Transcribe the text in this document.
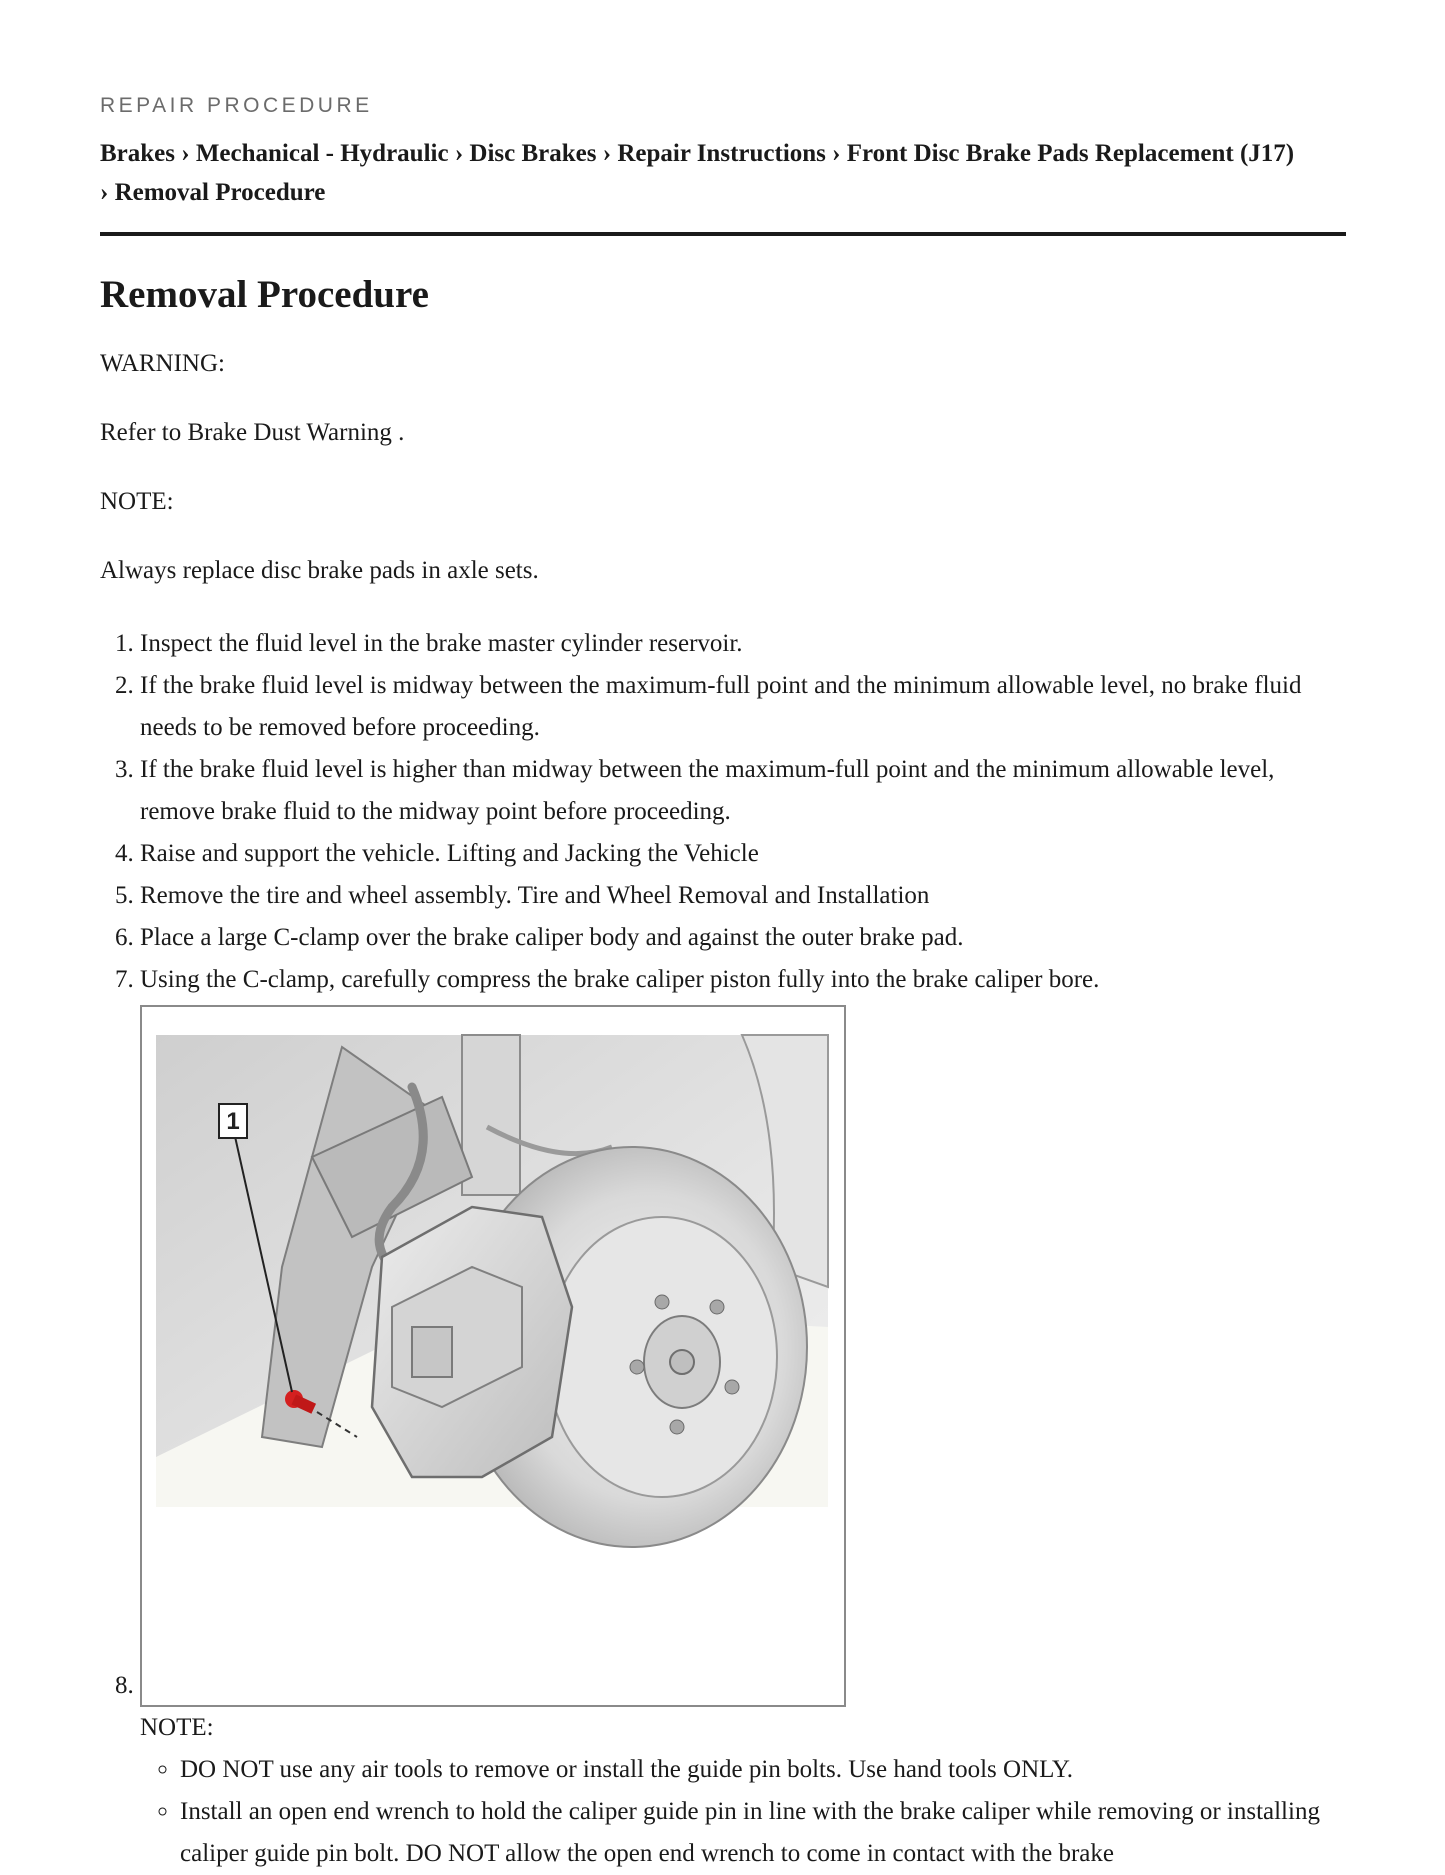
REPAIR PROCEDURE
Brakes › Mechanical - Hydraulic › Disc Brakes › Repair Instructions › Front Disc Brake Pads Replacement (J17)
› Removal Procedure
Removal Procedure

WARNING:

Refer to Brake Dust Warning .

NOTE:

Always replace disc brake pads in axle sets.

1. Inspect the fluid level in the brake master cylinder reservoir.
2. If the brake fluid level is midway between the maximum-full point and the minimum allowable level, no brake fluid needs to be removed before proceeding.
3. If the brake fluid level is higher than midway between the maximum-full point and the minimum allowable level, remove brake fluid to the midway point before proceeding.
4. Raise and support the vehicle. Lifting and Jacking the Vehicle
5. Remove the tire and wheel assembly. Tire and Wheel Removal and Installation
6. Place a large C-clamp over the brake caliper body and against the outer brake pad.
7. Using the C-clamp, carefully compress the brake caliper piston fully into the brake caliper bore.
8. 1

NOTE:

◦ DO NOT use any air tools to remove or install the guide pin bolts. Use hand tools ONLY.
◦ Install an open end wrench to hold the caliper guide pin in line with the brake caliper while removing or installing caliper guide pin bolt. DO NOT allow the open end wrench to come in contact with the brake
